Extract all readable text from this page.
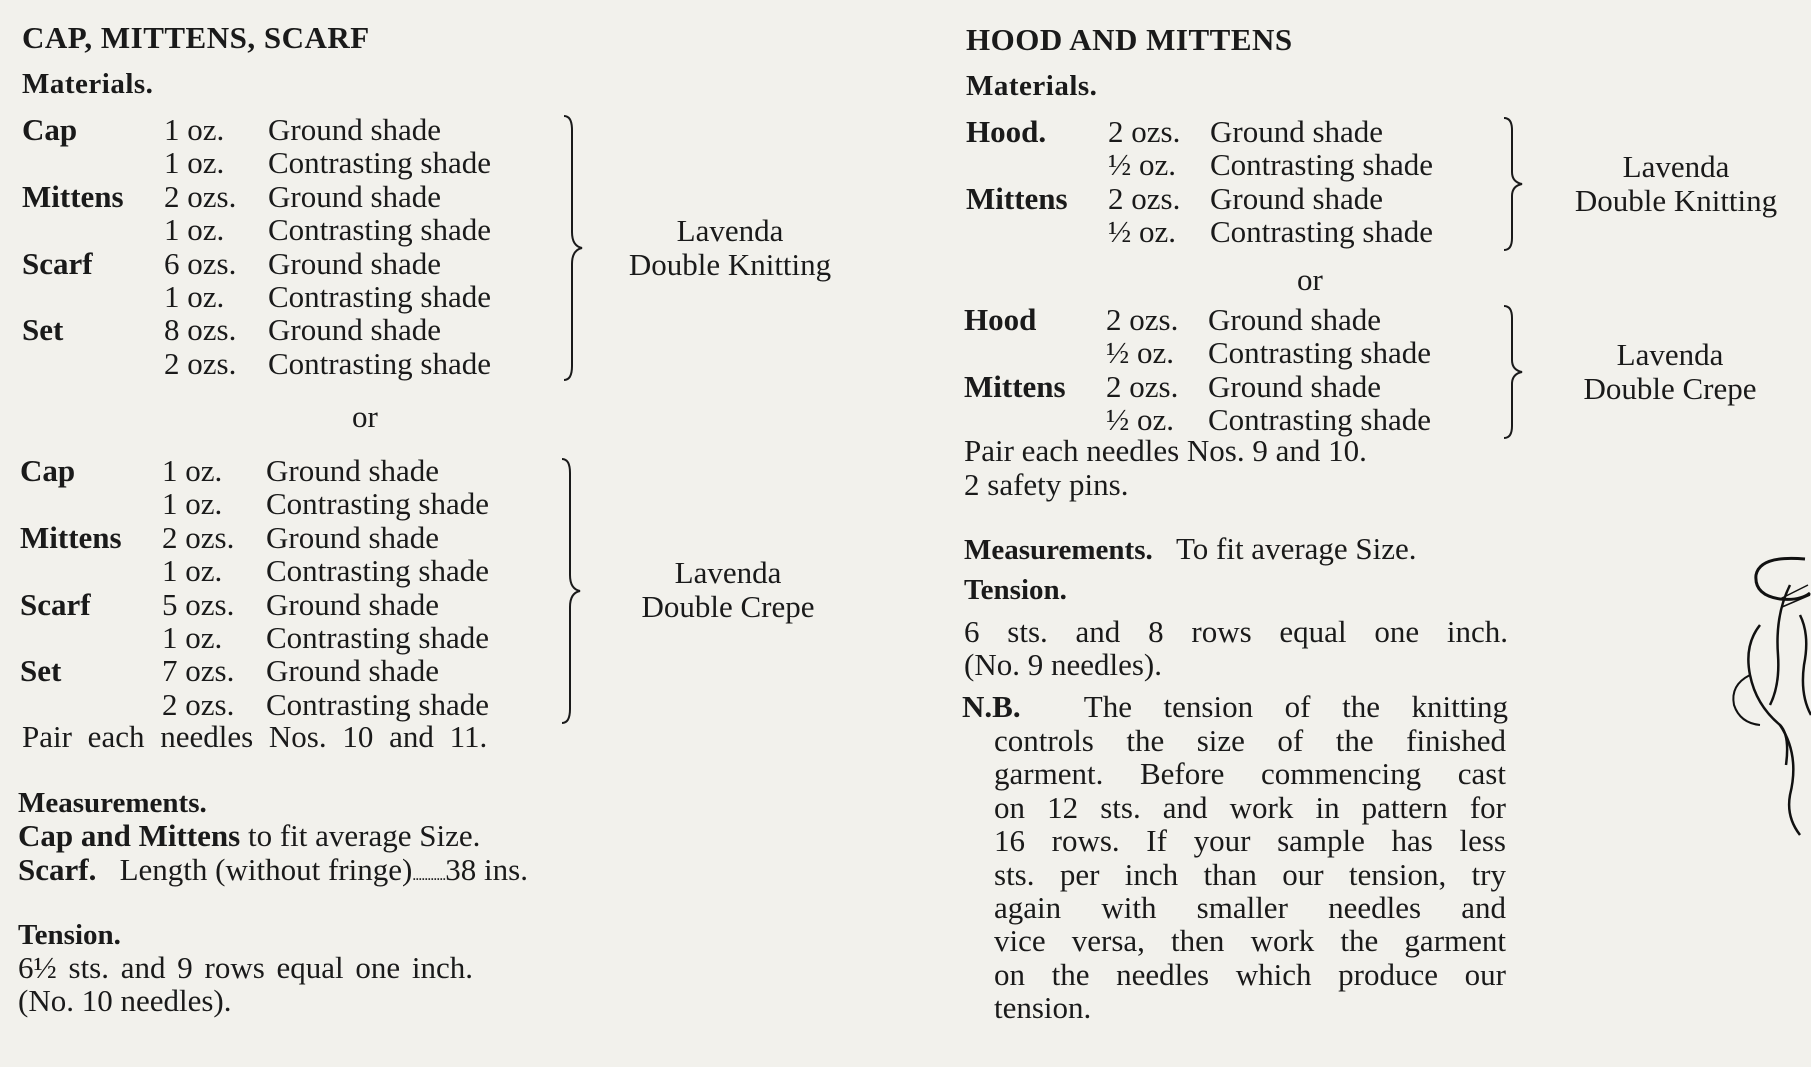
CAP, MITTENS, SCARF
Materials.
Cap	1 oz. Ground shade
1 oz. Contrasting shade
Mittens 2 ozs. Ground shade
1 oz. Contrasting shade
Scarf 6 ozs. Ground shade
1 oz. Contrasting shade
Set	8 ozs. Ground shade
2 ozs. Contrasting shade
Lavenda
Double Knitting
or
Cap	1 oz. Ground shade
1 oz. Contrasting shade
Mittens 2 ozs. Ground shade
1 oz. Contrasting shade
Scarf 5 ozs. Ground shade
1 oz. Contrasting shade
Set	7 ozs. Ground shade
2 ozs. Contrasting shade
Lavenda
Double Crepe
Pair each needles Nos. 10 and 11.
Measurements.
Cap and Mittens to fit average Size.
Scarf. Length (without fringe)...........38 ins.
Tension.
6½ sts. and 9 rows equal one inch.
(No. 10 needles).
HOOD AND MITTENS
Materials.
Hood. 2 ozs. Ground shade
½ oz. Contrasting shade
Mittens 2 ozs. Ground shade
½ oz. Contrasting shade
Lavenda
Double Knitting
or
Hood 2 ozs. Ground shade
½ oz. Contrasting shade
Mittens 2 ozs. Ground shade
½ oz. Contrasting shade
Lavenda
Double Crepe
Pair each needles Nos. 9 and 10.
2 safety pins.
Measurements. To fit average Size.
Tension.
6 sts. and 8 rows equal one inch.
(No. 9 needles).
N.B. The tension of the knitting
controls the size of the finished
garment. Before commencing cast
on 12 sts. and work in pattern for
16 rows. If your sample has less
sts. per inch than our tension, try
again with smaller needles and
vice versa, then work the garment
on the needles which produce our
tension.
